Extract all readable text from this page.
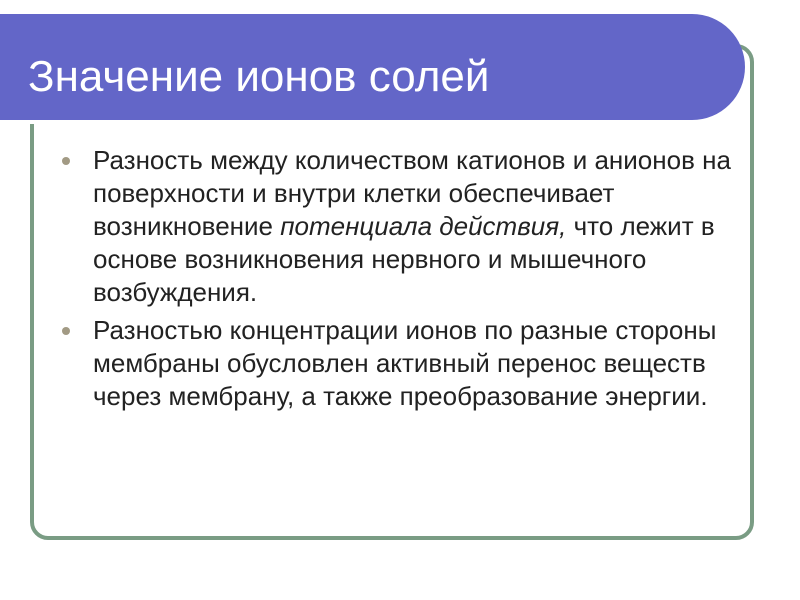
Значение ионов солей
Разность между количеством катионов и анионов на поверхности и внутри клетки обеспечивает возникновение потенциала действия, что лежит в основе возникновения нервного и мышечного возбуждения.
Разностью концентрации ионов по разные стороны мембраны обусловлен активный перенос веществ через мембрану, а также преобразование энергии.
